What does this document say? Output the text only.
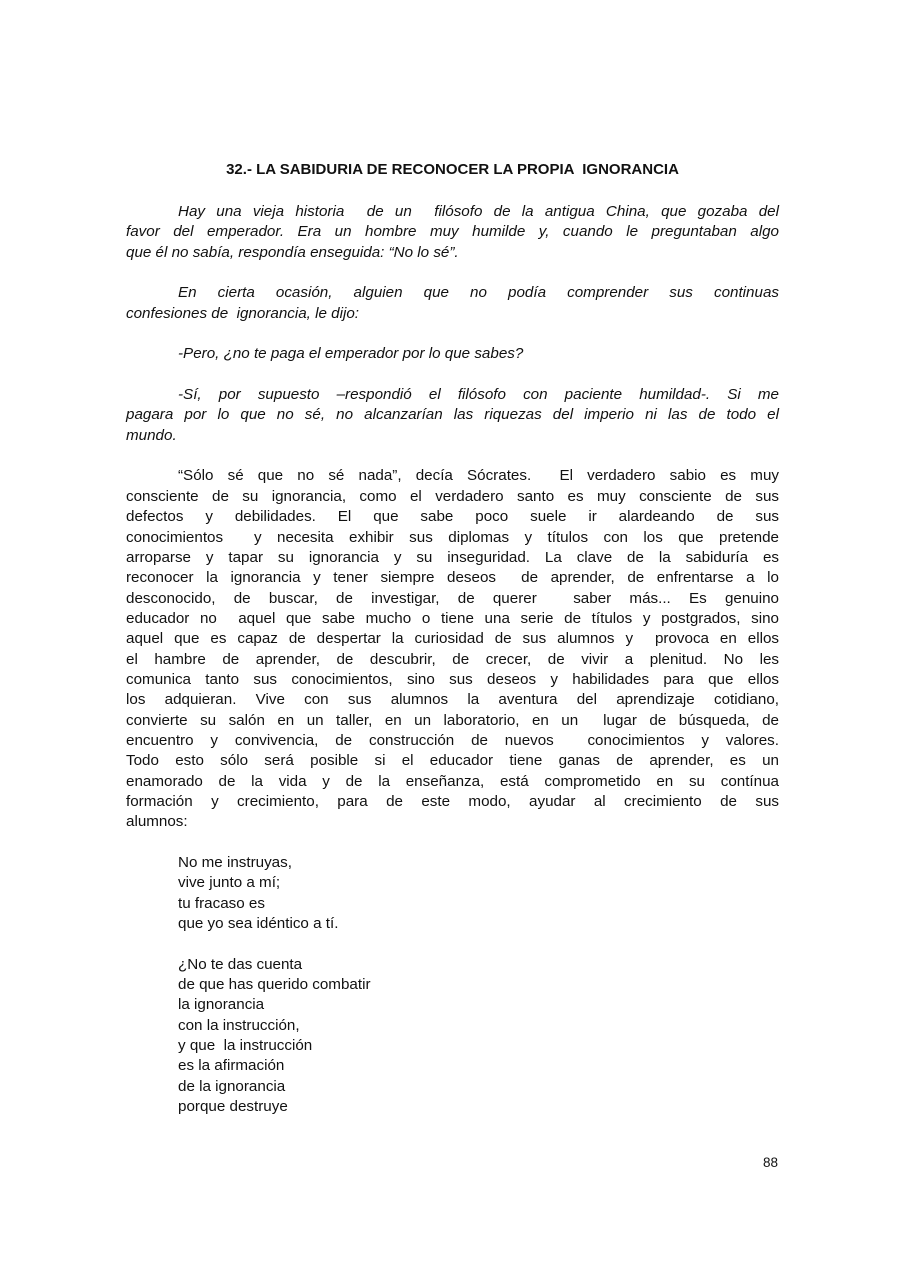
32.- LA SABIDURIA DE RECONOCER LA PROPIA  IGNORANCIA
Hay una vieja historia  de un  filósofo de la antigua China, que gozaba del
favor del emperador. Era un hombre muy humilde y, cuando le preguntaban algo
que él no sabía, respondía enseguida: “No lo sé”.
En cierta ocasión, alguien que no podía comprender sus continuas
confesiones de  ignorancia, le dijo:
-Pero, ¿no te paga el emperador por lo que sabes?
-Sí, por supuesto –respondió el filósofo con paciente humildad-. Si me
pagara por lo que no sé, no alcanzarían las riquezas del imperio ni las de todo el
mundo.
“Sólo sé que no sé nada”, decía Sócrates.  El verdadero sabio es muy
consciente de su ignorancia, como el verdadero santo es muy consciente de sus
defectos y debilidades. El que sabe poco suele ir alardeando de sus
conocimientos  y necesita exhibir sus diplomas y títulos con los que pretende
arroparse y tapar su ignorancia y su inseguridad. La clave de la sabiduría es
reconocer la ignorancia y tener siempre deseos  de aprender, de enfrentarse a lo
desconocido, de buscar, de investigar, de querer  saber más... Es genuino
educador no  aquel que sabe mucho o tiene una serie de títulos y postgrados, sino
aquel que es capaz de despertar la curiosidad de sus alumnos y  provoca en ellos
el hambre de aprender, de descubrir, de crecer, de vivir a plenitud. No les
comunica tanto sus conocimientos, sino sus deseos y habilidades para que ellos
los adquieran. Vive con sus alumnos la aventura del aprendizaje cotidiano,
convierte su salón en un taller, en un laboratorio, en un  lugar de búsqueda, de
encuentro y convivencia, de construcción de nuevos  conocimientos y valores.
Todo esto sólo será posible si el educador tiene ganas de aprender, es un
enamorado de la vida y de la enseñanza, está comprometido en su contínua
formación y crecimiento, para de este modo, ayudar al crecimiento de sus
alumnos:
No me instruyas,
vive junto a mí;
tu fracaso es
que yo sea idéntico a tí.
¿No te das cuenta
de que has querido combatir
la ignorancia
con la instrucción,
y que  la instrucción
es la afirmación
de la ignorancia
porque destruye
88
